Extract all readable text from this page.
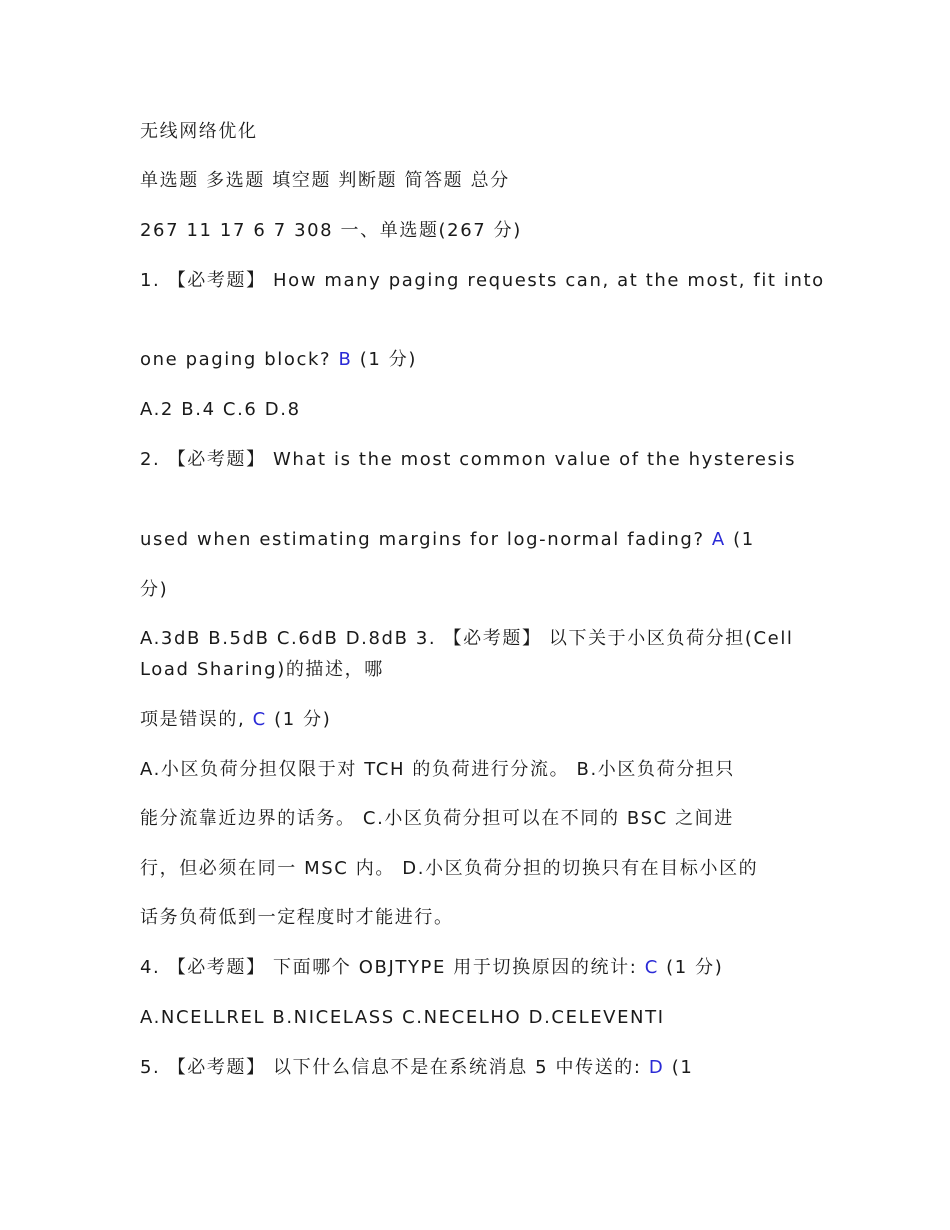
无线网络优化

单选题 多选题 填空题 判断题 简答题 总分

267 11 17 6 7 308 一、单选题(267 分)

1. 【必考题】 How many paging requests can, at the most, fit into

one paging block? B (1 分)

A.2 B.4 C.6 D.8

2. 【必考题】 What is the most common value of the hysteresis

used when estimating margins for log-normal fading? A (1

分)

A.3dB B.5dB C.6dB D.8dB 3. 【必考题】 以下关于小区负荷分担(Cell Load Sharing)的描述，哪

项是错误的, C (1 分)

A.小区负荷分担仅限于对 TCH 的负荷进行分流。 B.小区负荷分担只

能分流靠近边界的话务。 C.小区负荷分担可以在不同的 BSC 之间进

行，但必须在同一 MSC 内。 D.小区负荷分担的切换只有在目标小区的

话务负荷低到一定程度时才能进行。

4. 【必考题】 下面哪个 OBJTYPE 用于切换原因的统计: C (1 分)

A.NCELLREL B.NICELASS C.NECELHO D.CELEVENTI

5. 【必考题】 以下什么信息不是在系统消息 5 中传送的: D (1
